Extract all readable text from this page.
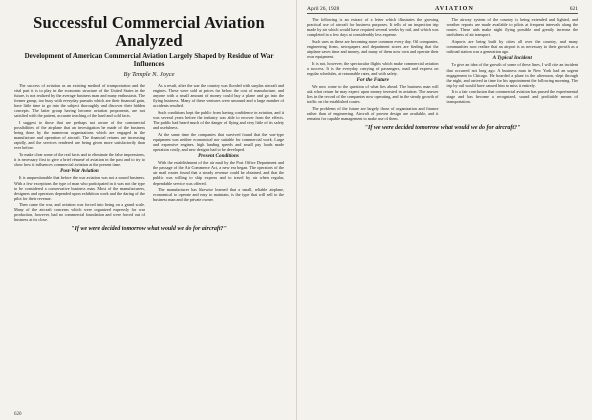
Successful Commercial Aviation Analyzed
Development of American Commercial Aviation Largely Shaped by Residue of War Influences
By Temple N. Joyce

The success of aviation as an existing method of transportation and the vital part it is to play in the economic structure of the United States in the future, is not realized by the average business man and many enthusiasts. The former group, too busy with everyday pursuits which are their financial gain, have little time to go into the subject thoroughly and discover their hidden concepts. The latter group having become aviation proponents, are not satisfied with the patient, accurate teaching of the hard and cold facts.

I suggest to those that are perhaps not aware of the commercial possibilities of the airplane that an investigation be made of the business being done by the numerous organizations which are engaged in the manufacture and operation of aircraft. The financial returns are increasing rapidly, and the services rendered are being given more satisfactorily than ever before.

To make clear some of the real facts and to eliminate the false impressions, it is necessary first to give a brief résumé of aviation in the past and to try to show how it influences commercial aviation at the present time.

Post-War Aviation

It is unquestionable that before the war aviation was not a sound business. With a few exceptions the type of man who participated in it was not the type to be considered a conservative business man. Most of the manufacturers, designers and operators depended upon exhibition work and the daring of the pilot for their revenue.

Then came the war, and aviation was forced into being on a grand scale. Many of the aircraft concerns which were organized expressly for war production, however, had no commercial foundation and were forced out of business at its close.

As a result, after the war the country was flooded with surplus aircraft and engines. These were sold at prices far below the cost of manufacture, and anyone with a small amount of money could buy a plane and go into the flying business. Many of these ventures were unsound and a large number of accidents resulted.

Such conditions kept the public from having confidence in aviation, and it was several years before the industry was able to recover from the effects. The public had heard much of the danger of flying and very little of its safety and usefulness.

At the same time the companies that survived found that the war-type equipment was neither economical nor suitable for commercial work. Large and expensive engines, high landing speeds and small pay loads made operation costly, and new designs had to be developed.

Present Conditions

With the establishment of the air mail by the Post Office Department and the passage of the Air Commerce Act, a new era began. The operators of the air mail routes found that a steady revenue could be obtained, and that the public was willing to ship express and to travel by air when regular, dependable service was offered.

The manufacturer has likewise learned that a small, reliable airplane, economical to operate and easy to maintain, is the type that will sell to the business man and the private owner.

"If we were decided tomorrow what would we do for aircraft?"
620
April 26, 1928	AVIATION	621

The following is an extract of a letter which illustrates the growing practical use of aircraft for business purposes. It tells of an inspection trip made by air which would have required several weeks by rail, and which was completed in a few days at considerably less expense.

Such uses as these are becoming more common every day. Oil companies, engineering firms, newspapers and department stores are finding that the airplane saves time and money, and many of them now own and operate their own equipment.

It is not, however, the spectacular flights which make commercial aviation a success. It is the everyday carrying of passengers, mail and express on regular schedules, at reasonable rates, and with safety.

For the Future

We now come to the question of what lies ahead. The business man will ask what return he may expect upon money invested in aviation. The answer lies in the record of the companies now operating, and in the steady growth of traffic on the established routes.

The problems of the future are largely those of organization and finance rather than of engineering. Aircraft of proven design are available, and it remains for capable management to make use of them.

The airway system of the country is being extended and lighted, and weather reports are made available to pilots at frequent intervals along the routes. These aids make night flying possible and greatly increase the usefulness of air transport.

Airports are being built by cities all over the country, and many communities now realize that an airport is as necessary to their growth as a railroad station was a generation ago.

A Typical Incident

To give an idea of the growth of some of these lines, I will cite an incident that occurred not long ago. A business man in New York had an urgent engagement in Chicago. He boarded a plane in the afternoon, slept through the night, and arrived in time for his appointment the following morning. The trip by rail would have caused him to miss it entirely.

It is a fair conclusion that commercial aviation has passed the experimental stage and has become a recognized, sound and profitable means of transportation.

"If we were decided tomorrow what would we do for aircraft?"
